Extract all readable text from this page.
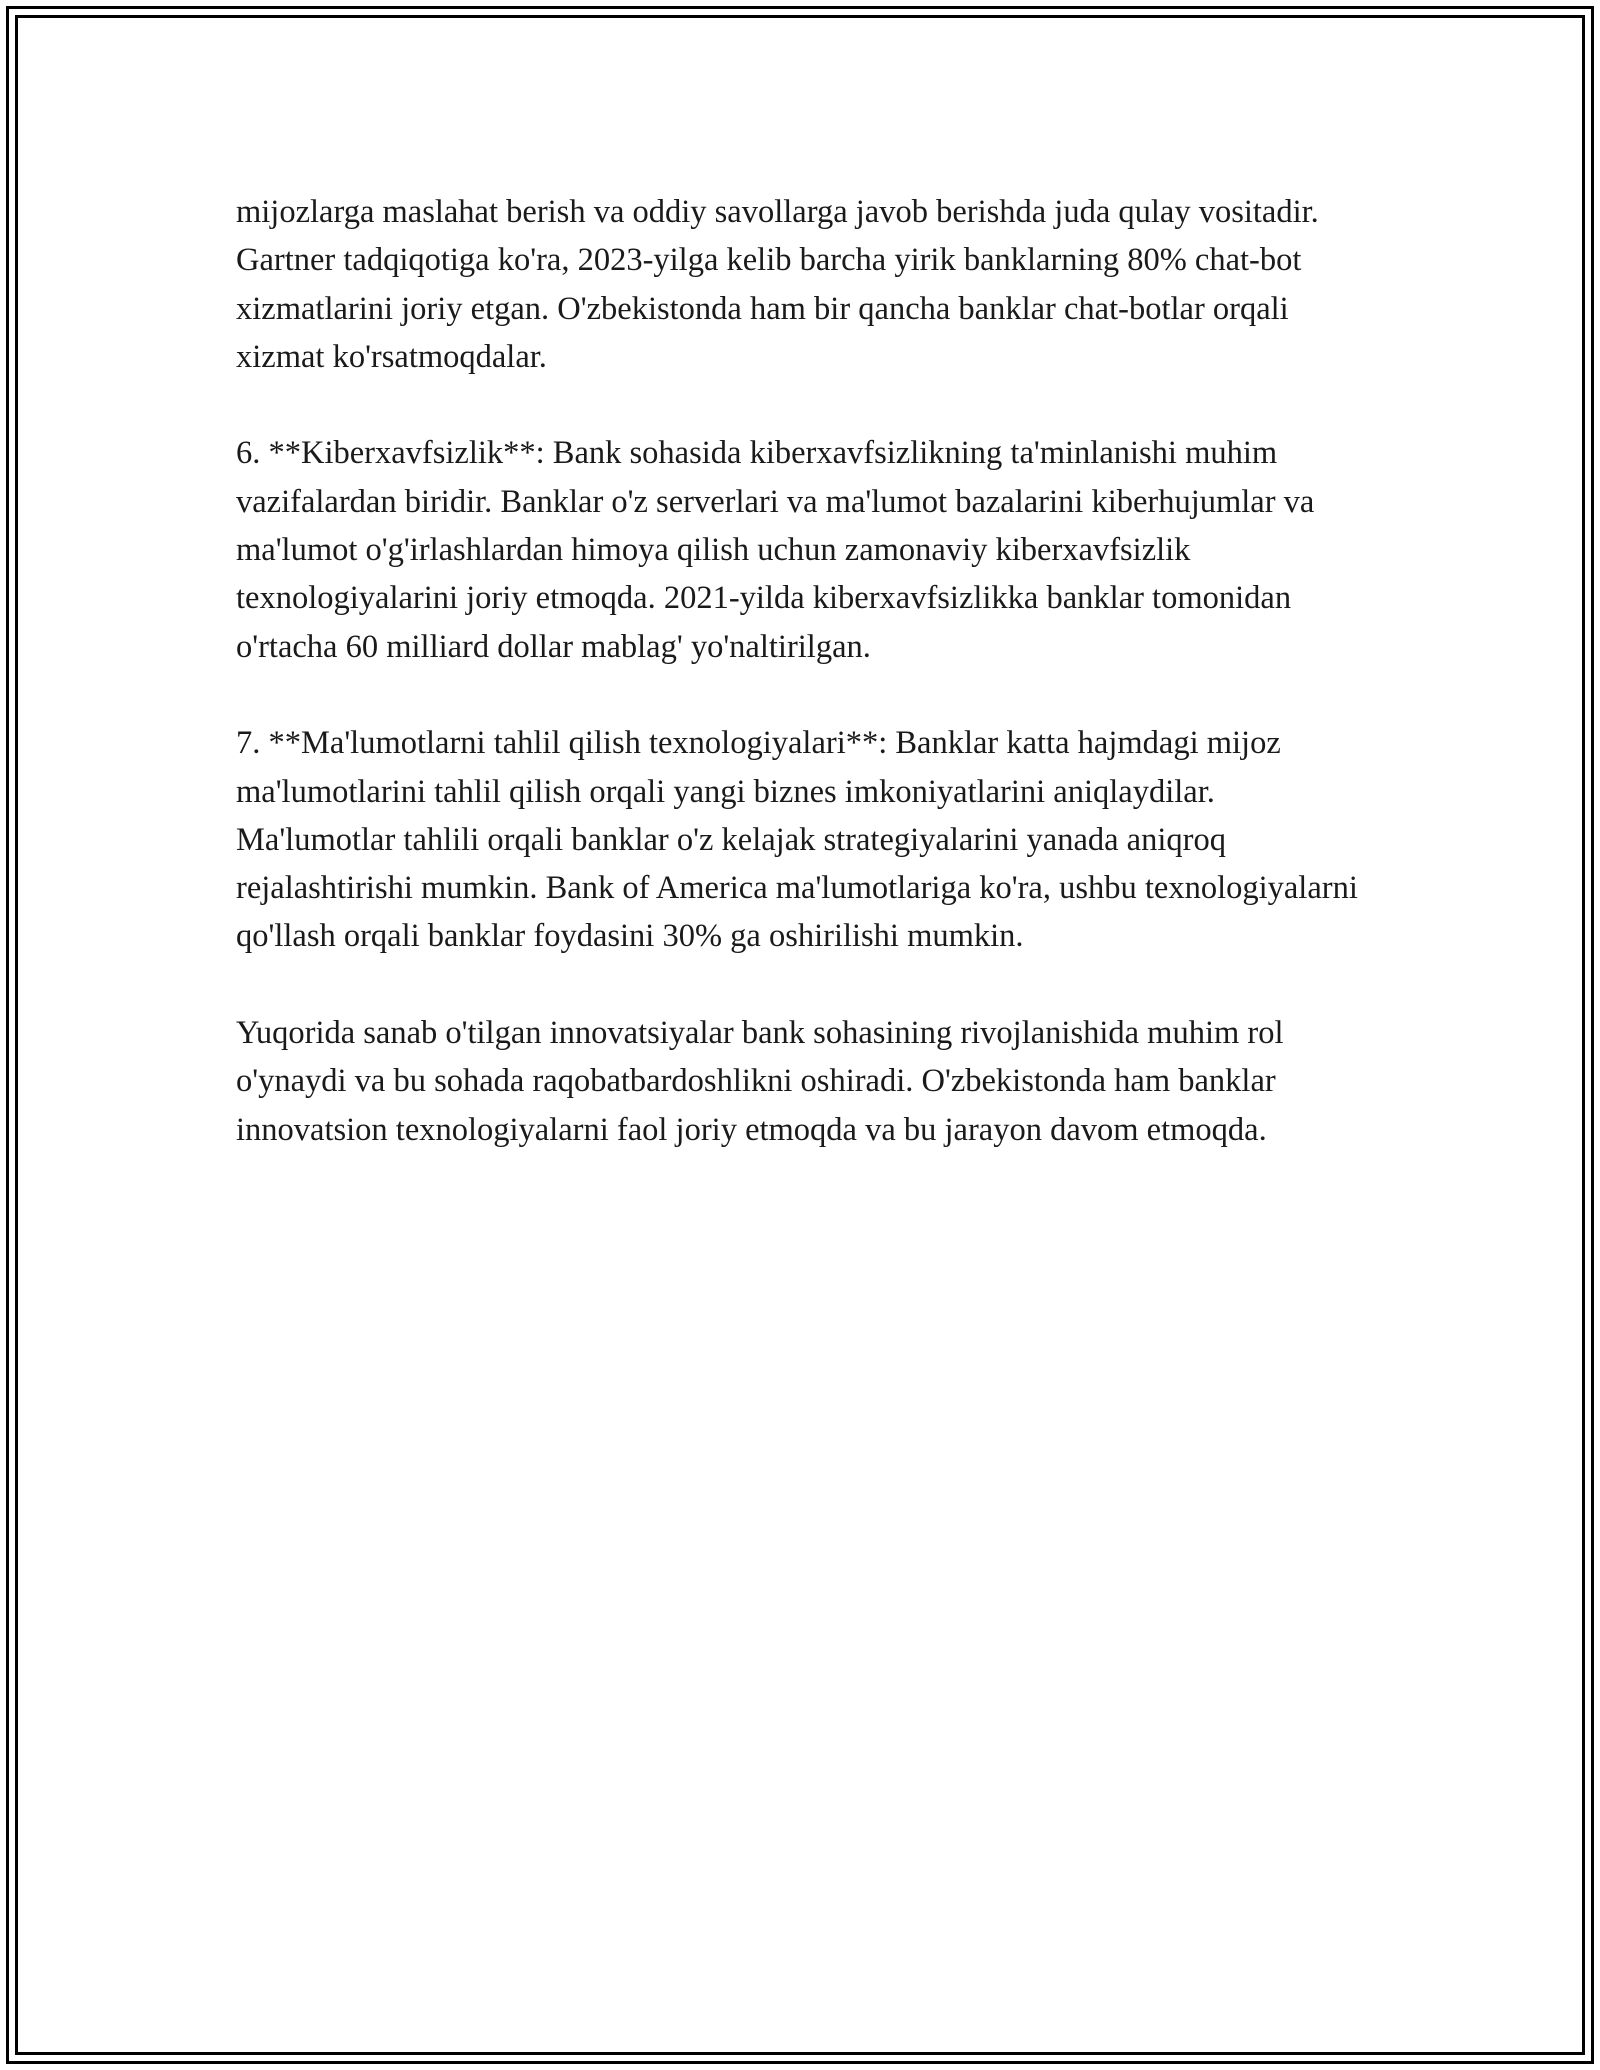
mijozlarga maslahat berish va oddiy savollarga javob berishda juda qulay vositadir. Gartner tadqiqotiga ko'ra, 2023-yilga kelib barcha yirik banklarning 80% chat-bot xizmatlarini joriy etgan. O'zbekistonda ham bir qancha banklar chat-botlar orqali xizmat ko'rsatmoqdalar.

6. **Kiberxavfsizlik**: Bank sohasida kiberxavfsizlikning ta'minlanishi muhim vazifalardan biridir. Banklar o'z serverlari va ma'lumot bazalarini kiberhujumlar va ma'lumot o'g'irlashlardan himoya qilish uchun zamonaviy kiberxavfsizlik texnologiyalarini joriy etmoqda. 2021-yilda kiberxavfsizlikka banklar tomonidan o'rtacha 60 milliard dollar mablag' yo'naltirilgan.

7. **Ma'lumotlarni tahlil qilish texnologiyalari**: Banklar katta hajmdagi mijoz ma'lumotlarini tahlil qilish orqali yangi biznes imkoniyatlarini aniqlaydilar. Ma'lumotlar tahlili orqali banklar o'z kelajak strategiyalarini yanada aniqroq rejalashtirishi mumkin. Bank of America ma'lumotlariga ko'ra, ushbu texnologiyalarni qo'llash orqali banklar foydasini 30% ga oshirilishi mumkin.

Yuqorida sanab o'tilgan innovatsiyalar bank sohasining rivojlanishida muhim rol o'ynaydi va bu sohada raqobatbardoshlikni oshiradi. O'zbekistonda ham banklar innovatsion texnologiyalarni faol joriy etmoqda va bu jarayon davom etmoqda.
